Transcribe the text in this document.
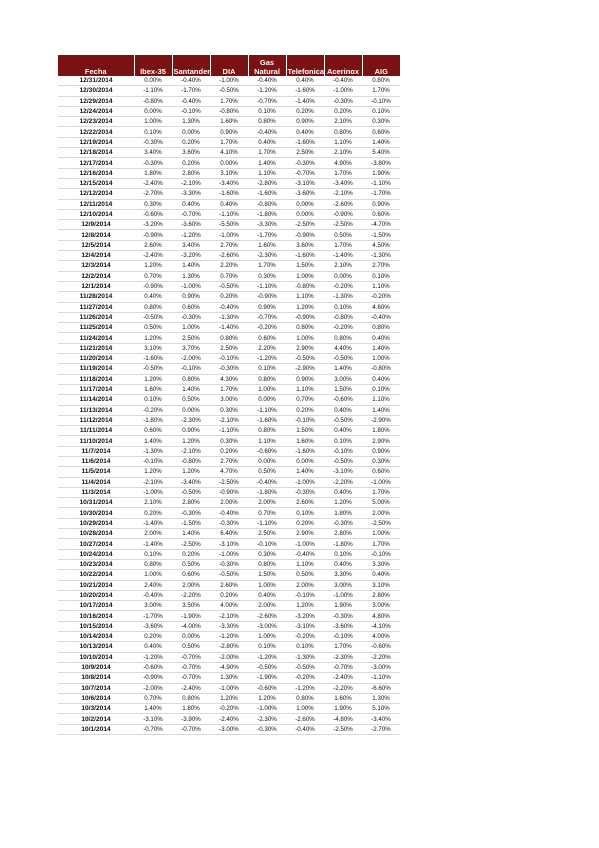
Fecha	Ibex-35	Santander	DIA	Gas Natural	Telefonica	Acerinox	AIG
12/31/2014	0.00%	-0.40%	-1.00%	-0.40%	0.40%	-0.40%	0.80%
12/30/2014	-1.10%	-1.70%	-0.50%	-1.20%	-1.60%	-1.00%	1.70%
12/29/2014	-0.80%	-0.40%	1.70%	-0.70%	-1.40%	-0.30%	-0.10%
12/24/2014	0.00%	-0.10%	-0.80%	0.10%	0.20%	0.20%	0.10%
12/23/2014	1.00%	1.30%	1.60%	0.80%	0.90%	2.10%	0.30%
12/22/2014	0.10%	0.00%	0.90%	-0.40%	0.40%	0.80%	0.60%
12/19/2014	-0.30%	0.20%	1.70%	0.40%	-1.60%	1.10%	1.40%
12/18/2014	3.40%	3.60%	4.10%	1.70%	2.50%	2.10%	5.40%
12/17/2014	-0.30%	0.20%	0.00%	1.40%	-0.30%	4.90%	-3.80%
12/16/2014	1.80%	2.80%	3.10%	1.10%	-0.70%	1.70%	1.90%
12/15/2014	-2.40%	-2.10%	-3.40%	-2.80%	-3.10%	-3.40%	-1.10%
12/12/2014	-2.70%	-3.30%	-1.60%	-1.60%	-3.60%	-2.10%	-1.70%
12/11/2014	0.30%	0.40%	0.40%	-0.80%	0.00%	-2.60%	0.90%
12/10/2014	-0.60%	-0.70%	-1.10%	-1.80%	0.00%	-0.90%	0.60%
12/9/2014	-3.20%	-3.60%	-5.50%	-3.30%	-2.50%	-2.50%	-4.70%
12/8/2014	-0.90%	-1.20%	-1.00%	-1.70%	-0.90%	0.50%	-1.50%
12/5/2014	2.60%	3.40%	2.70%	1.60%	3.60%	1.70%	4.50%
12/4/2014	-2.40%	-3.20%	-2.60%	-2.30%	-1.60%	-1.40%	-1.30%
12/3/2014	1.20%	1.40%	2.20%	1.70%	1.50%	2.10%	2.70%
12/2/2014	0.70%	1.30%	0.70%	0.30%	1.00%	0.00%	0.10%
12/1/2014	-0.90%	-1.00%	-0.50%	-1.10%	-0.80%	-0.20%	1.10%
11/28/2014	0.40%	0.90%	0.20%	-0.90%	1.10%	-1.30%	-0.20%
11/27/2014	0.80%	0.60%	-0.40%	0.90%	1.20%	0.10%	4.60%
11/26/2014	-0.50%	-0.30%	-1.30%	-0.70%	-0.90%	-0.80%	-0.40%
11/25/2014	0.50%	1.00%	-1.40%	-0.20%	0.80%	-0.20%	0.80%
11/24/2014	1.20%	2.50%	0.80%	0.60%	1.00%	0.80%	0.40%
11/21/2014	3.10%	3.70%	2.50%	2.20%	2.90%	4.40%	1.40%
11/20/2014	-1.60%	-2.00%	-0.10%	-1.20%	-0.50%	-0.50%	1.00%
11/19/2014	-0.50%	-0.10%	-0.30%	0.10%	-2.90%	1.40%	-0.80%
11/18/2014	1.20%	0.80%	4.30%	0.80%	0.90%	3.00%	0.40%
11/17/2014	1.60%	1.40%	1.70%	1.00%	1.10%	1.50%	0.10%
11/14/2014	0.10%	0.50%	3.00%	0.00%	0.70%	-0.60%	1.10%
11/13/2014	-0.20%	0.00%	0.30%	-1.10%	0.20%	0.40%	1.40%
11/12/2014	-1.80%	-2.30%	-2.10%	-1.60%	-0.10%	-0.50%	-2.90%
11/11/2014	0.60%	0.90%	-1.10%	0.80%	1.50%	0.40%	1.80%
11/10/2014	1.40%	1.20%	0.30%	1.10%	1.60%	0.10%	2.90%
11/7/2014	-1.30%	-2.10%	0.20%	-0.60%	-1.60%	-0.10%	0.90%
11/6/2014	-0.10%	-0.80%	2.70%	0.00%	0.00%	-0.50%	0.30%
11/5/2014	1.20%	1.20%	4.70%	0.50%	1.40%	-3.10%	0.60%
11/4/2014	-2.10%	-3.40%	-2.50%	-0.40%	-1.00%	-2.20%	-1.00%
11/3/2014	-1.00%	-0.50%	-0.90%	-1.80%	-0.30%	0.40%	1.70%
10/31/2014	2.10%	2.80%	2.00%	2.00%	2.60%	1.20%	5.00%
10/30/2014	0.20%	-0.30%	-0.40%	0.70%	0.10%	1.80%	2.00%
10/29/2014	-1.40%	-1.50%	-0.30%	-1.10%	0.20%	-0.30%	-2.50%
10/28/2014	2.00%	1.40%	6.40%	2.50%	2.90%	2.80%	1.00%
10/27/2014	-1.40%	-2.50%	-3.10%	-0.10%	-1.00%	-1.80%	1.70%
10/24/2014	0.10%	0.20%	-1.00%	0.30%	-0.40%	0.10%	-0.10%
10/23/2014	0.80%	0.50%	-0.30%	0.80%	1.10%	0.40%	3.30%
10/22/2014	1.00%	0.60%	-0.50%	1.50%	0.50%	3.30%	0.40%
10/21/2014	2.40%	2.00%	2.60%	1.00%	2.00%	3.00%	3.10%
10/20/2014	-0.40%	-2.20%	0.20%	0.40%	-0.10%	-1.00%	2.80%
10/17/2014	3.00%	3.50%	4.00%	2.00%	1.20%	1.90%	3.00%
10/16/2014	-1.70%	-1.90%	-2.10%	-2.60%	-3.20%	-0.30%	4.80%
10/15/2014	-3.60%	-4.00%	-3.30%	-3.00%	-3.10%	-3.60%	-4.10%
10/14/2014	0.20%	0.00%	-1.20%	1.00%	-0.20%	-0.10%	4.00%
10/13/2014	0.40%	0.50%	-2.80%	0.10%	0.10%	1.70%	-0.60%
10/10/2014	-1.20%	-0.70%	-2.00%	-1.20%	-1.30%	-2.30%	-2.20%
10/9/2014	-0.60%	-0.70%	-4.90%	-0.50%	-0.50%	-0.70%	-3.00%
10/8/2014	-0.90%	-0.70%	1.30%	-1.90%	-0.20%	-2.40%	-1.10%
10/7/2014	-2.00%	-2.40%	-1.00%	-0.60%	-1.20%	-2.20%	-6.60%
10/6/2014	0.70%	0.80%	1.20%	1.20%	0.80%	1.60%	1.30%
10/3/2014	1.40%	1.80%	-0.20%	-1.00%	1.00%	1.90%	5.10%
10/2/2014	-3.10%	-3.90%	-2.40%	-2.30%	-2.60%	-4.80%	-3.40%
10/1/2014	-0.70%	-0.70%	-3.00%	-0.30%	-0.40%	-2.50%	-2.70%
